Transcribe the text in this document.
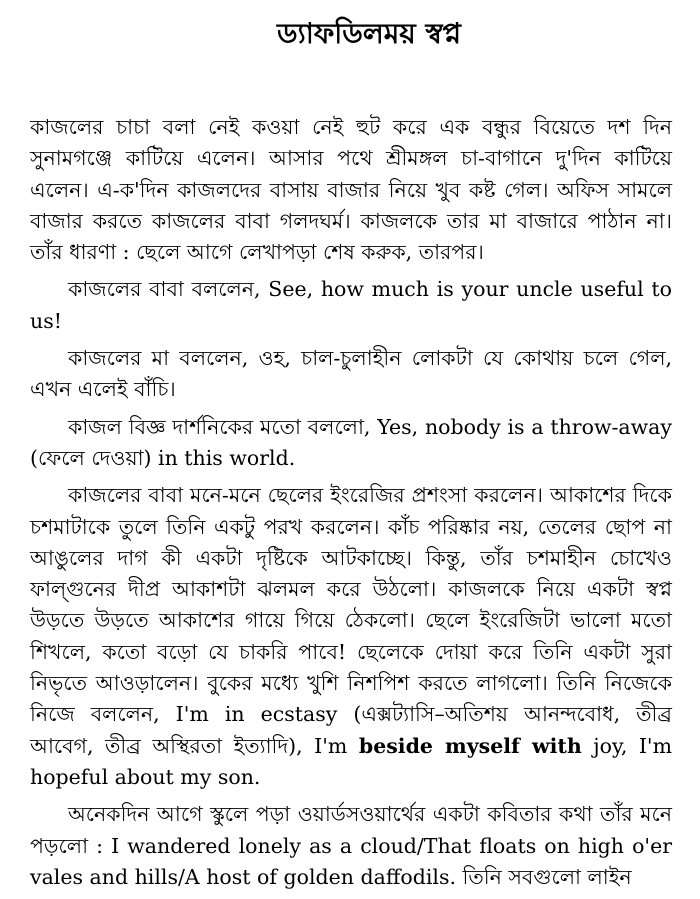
ড্যাফডিলময় স্বপ্ন

কাজলের চাচা বলা নেই কওয়া নেই হুট করে এক বন্ধুর বিয়েতে দশ দিন সুনামগঞ্জে কাটিয়ে এলেন। আসার পথে শ্রীমঙ্গল চা-বাগানে দু'দিন কাটিয়ে এলেন। এ-ক'দিন কাজলদের বাসায় বাজার নিয়ে খুব কষ্ট গেল। অফিস সামলে বাজার করতে কাজলের বাবা গলদঘর্ম। কাজলকে তার মা বাজারে পাঠান না। তাঁর ধারণা : ছেলে আগে লেখাপড়া শেষ করুক, তারপর।

কাজলের বাবা বললেন, See, how much is your uncle useful to us!

কাজলের মা বললেন, ওহ, চাল-চুলাহীন লোকটা যে কোথায় চলে গেল, এখন এলেই বাঁচি।

কাজল বিজ্ঞ দার্শনিকের মতো বললো, Yes, nobody is a throw-away (ফেলে দেওয়া) in this world.

কাজলের বাবা মনে-মনে ছেলের ইংরেজির প্রশংসা করলেন। আকাশের দিকে চশমাটাকে তুলে তিনি একটু পরখ করলেন। কাঁচ পরিষ্কার নয়, তেলের ছোপ না আঙুলের দাগ কী একটা দৃষ্টিকে আটকাচ্ছে। কিন্তু, তাঁর চশমাহীন চোখেও ফাল্গুনের দীপ্র আকাশটা ঝলমল করে উঠলো। কাজলকে নিয়ে একটা স্বপ্ন উড়তে উড়তে আকাশের গায়ে গিয়ে ঠেকলো। ছেলে ইংরেজিটা ভালো মতো শিখলে, কতো বড়ো যে চাকরি পাবে! ছেলেকে দোয়া করে তিনি একটা সুরা নিভৃতে আওড়ালেন। বুকের মধ্যে খুশি নিশপিশ করতে লাগলো। তিনি নিজেকে নিজে বললেন, I'm in ecstasy (এক্সট্যাসি–অতিশয় আনন্দবোধ, তীব্র আবেগ, তীব্র অস্থিরতা ইত্যাদি), I'm beside myself with joy, I'm hopeful about my son.

অনেকদিন আগে স্কুলে পড়া ওয়ার্ডসওয়ার্থের একটা কবিতার কথা তাঁর মনে পড়লো : I wandered lonely as a cloud/That floats on high o'er vales and hills/A host of golden daffodils. তিনি সবগুলো লাইন
